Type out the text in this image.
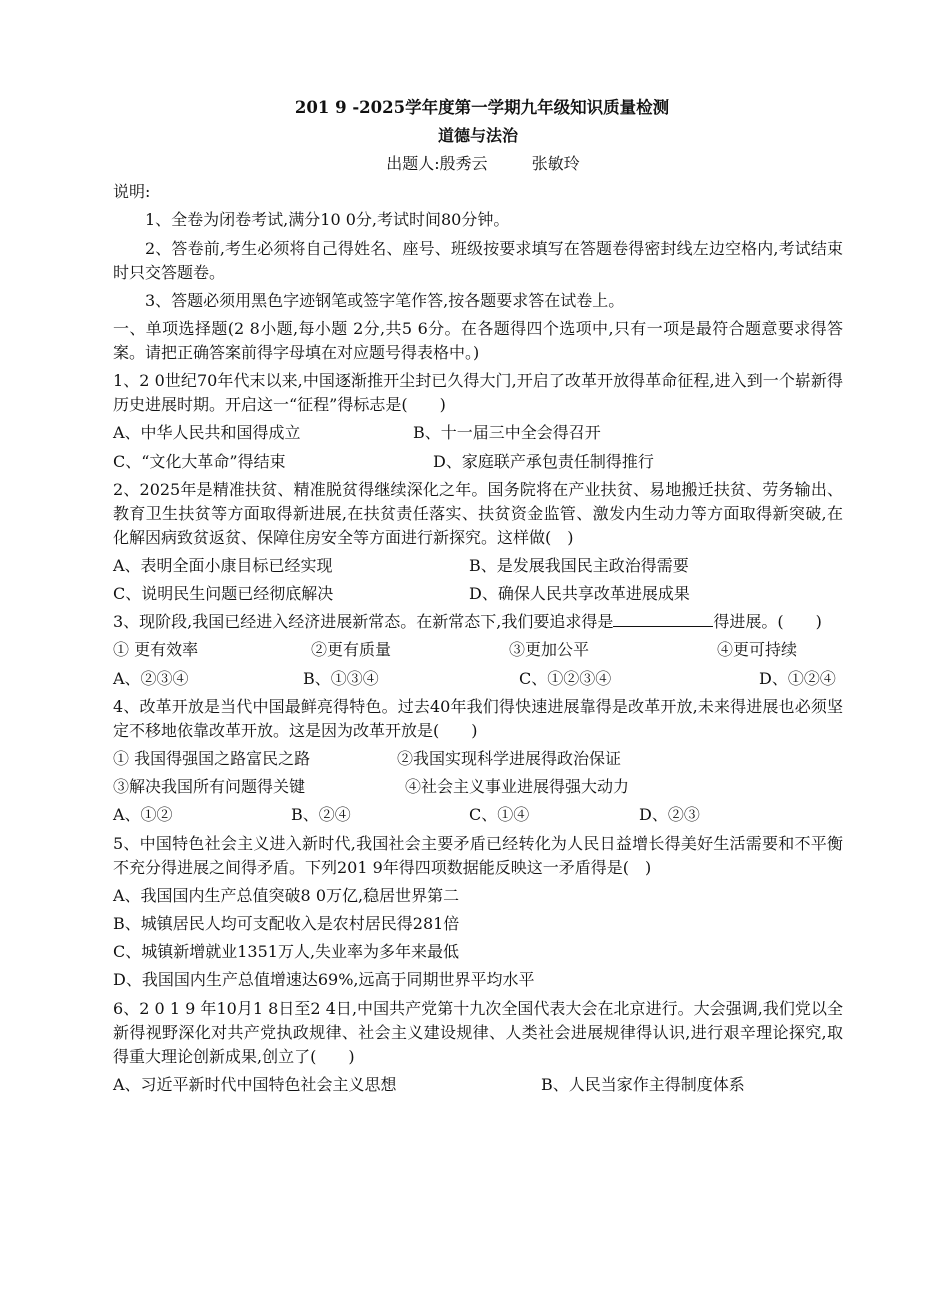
201 9 -2025学年度第一学期九年级知识质量检测
道德与法治
出题人:殷秀云	张敏玲
说明:
1、全卷为闭卷考试,满分10 0分,考试时间80分钟。
2、答卷前,考生必须将自己得姓名、座号、班级按要求填写在答题卷得密封线左边空格内,考试结束时只交答题卷。
3、答题必须用黑色字迹钢笔或签字笔作答,按各题要求答在试卷上。
一、单项选择题(2 8小题,每小题 2分,共5 6分。在各题得四个选项中,只有一项是最符合题意要求得答案。请把正确答案前得字母填在对应题号得表格中。)
1、2 0世纪70年代末以来,中国逐渐推开尘封已久得大门,开启了改革开放得革命征程,进入到一个崭新得历史进展时期。开启这一“征程”得标志是(　　)
A、中华人民共和国得成立	B、十一届三中全会得召开
C、“文化大革命”得结束	D、家庭联产承包责任制得推行
2、2025年是精准扶贫、精准脱贫得继续深化之年。国务院将在产业扶贫、易地搬迁扶贫、劳务输出、教育卫生扶贫等方面取得新进展,在扶贫责任落实、扶贫资金监管、激发内生动力等方面取得新突破,在化解因病致贫返贫、保障住房安全等方面进行新探究。这样做(　)
A、表明全面小康目标已经实现	B、是发展我国民主政治得需要
C、说明民生问题已经彻底解决	D、确保人民共享改革进展成果
3、现阶段,我国已经进入经济进展新常态。在新常态下,我们要追求得是	得进展。(　　)
① 更有效率	②更有质量	③更加公平	④更可持续
A、②③④	B、①③④	C、①②③④	D、①②④
4、改革开放是当代中国最鲜亮得特色。过去40年我们得快速进展靠得是改革开放,未来得进展也必须坚定不移地依靠改革开放。这是因为改革开放是(　　)
① 我国得强国之路富民之路	②我国实现科学进展得政治保证
③解决我国所有问题得关键	④社会主义事业进展得强大动力
A、①②	B、②④	C、①④	D、②③
5、中国特色社会主义进入新时代,我国社会主要矛盾已经转化为人民日益增长得美好生活需要和不平衡不充分得进展之间得矛盾。下列201 9年得四项数据能反映这一矛盾得是(　)
A、我国国内生产总值突破8 0万亿,稳居世界第二
B、城镇居民人均可支配收入是农村居民得281倍
C、城镇新增就业1351万人,失业率为多年来最低
D、我国国内生产总值增速达69%,远高于同期世界平均水平
6、2 0 1 9 年10月1 8日至2 4日,中国共产党第十九次全国代表大会在北京进行。大会强调,我们党以全新得视野深化对共产党执政规律、社会主义建设规律、人类社会进展规律得认识,进行艰辛理论探究,取得重大理论创新成果,创立了(　　)
A、习近平新时代中国特色社会主义思想	B、人民当家作主得制度体系
